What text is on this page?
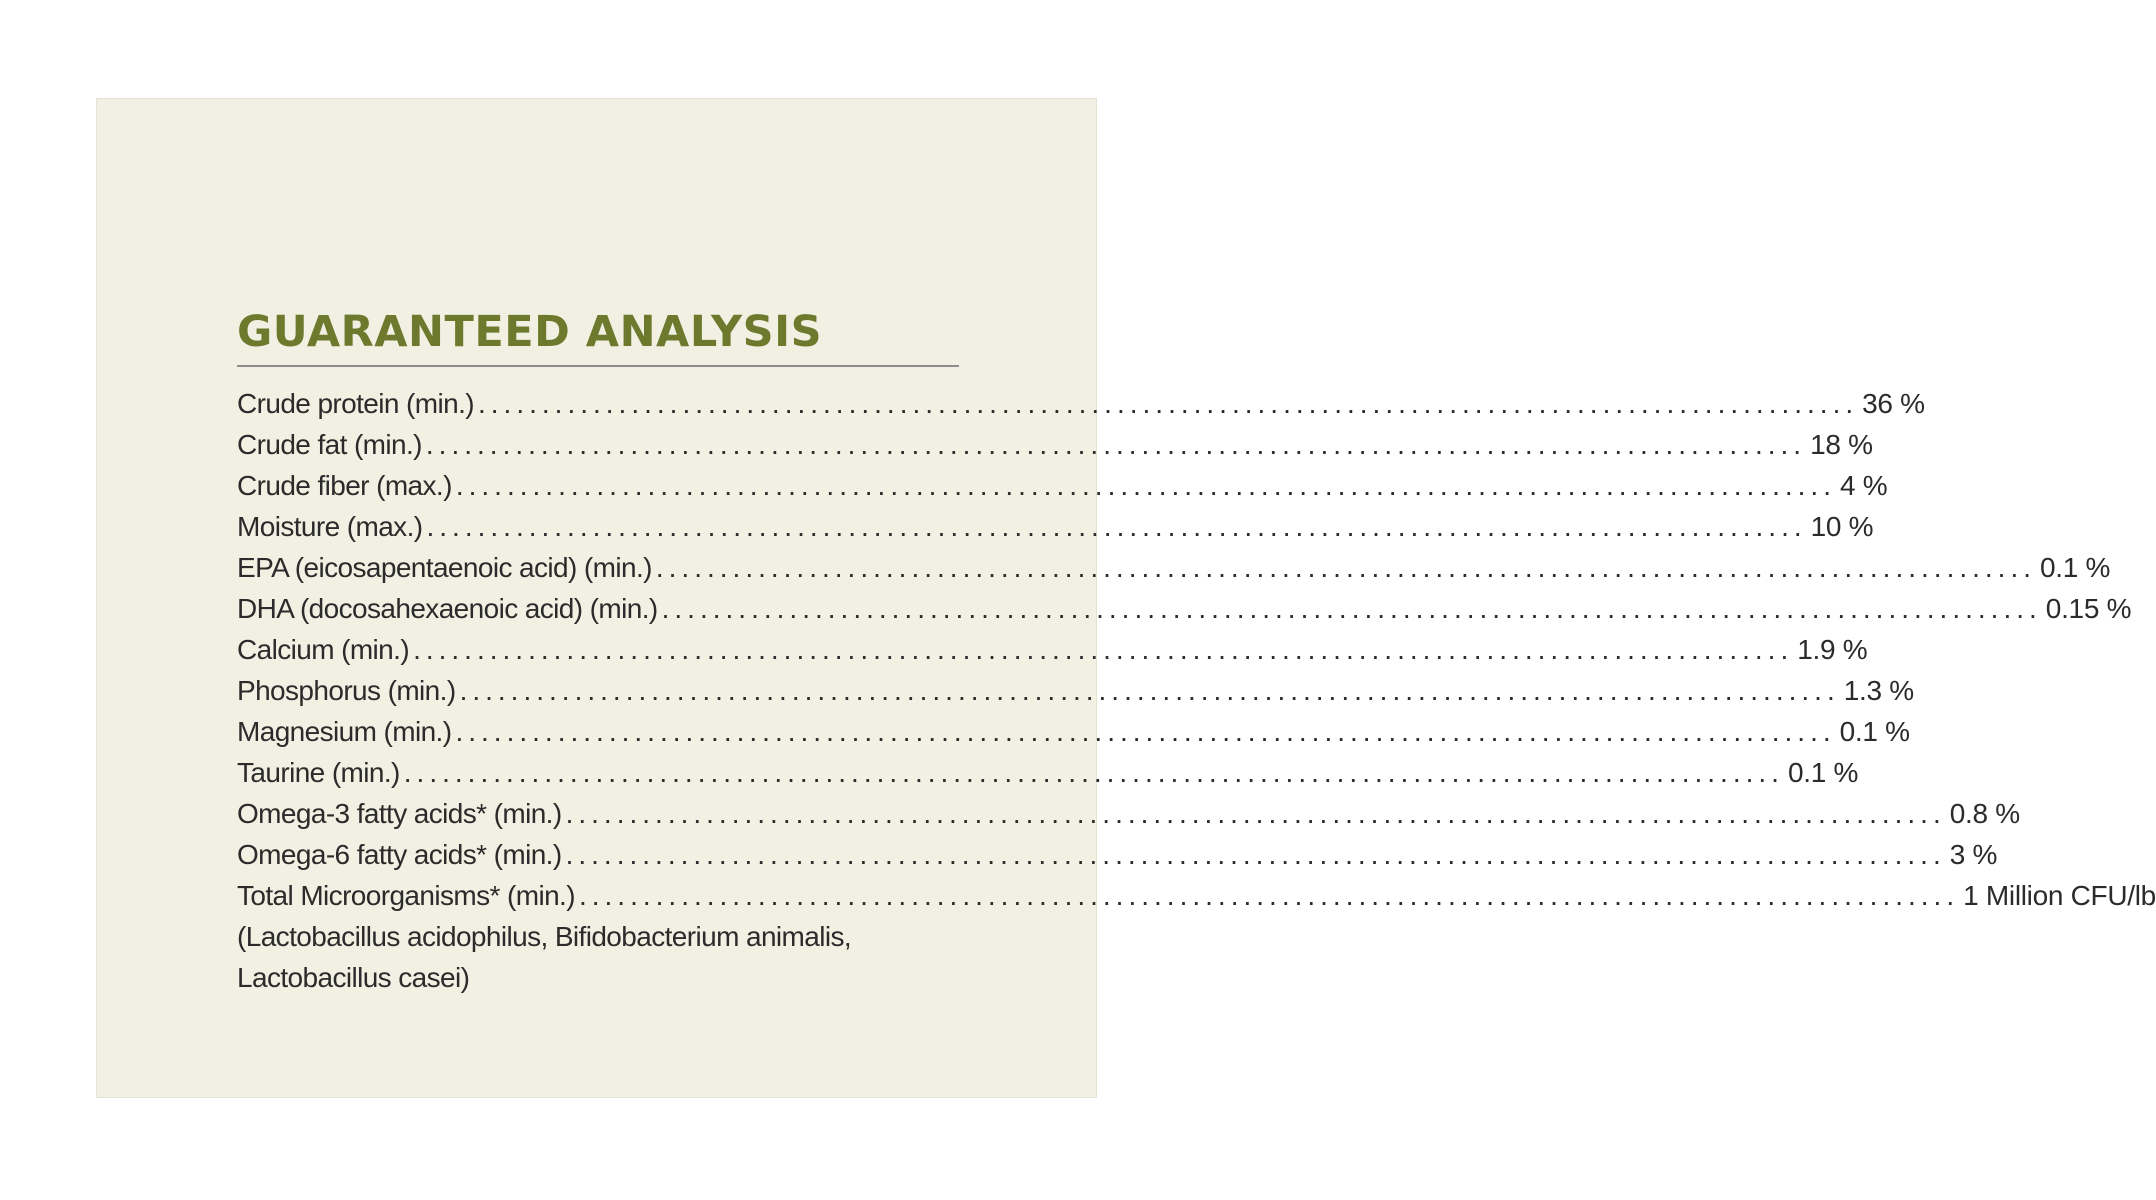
GUARANTEED ANALYSIS
Crude protein (min.) ............................................................................................................ 36 %
Crude fat (min.) ............................................................................................................ 18 %
Crude fiber (max.) ............................................................................................................ 4 %
Moisture (max.) ............................................................................................................ 10 %
EPA (eicosapentaenoic acid) (min.) ............................................................................................................ 0.1 %
DHA (docosahexaenoic acid) (min.) ............................................................................................................ 0.15 %
Calcium (min.) ............................................................................................................ 1.9 %
Phosphorus (min.) ............................................................................................................ 1.3 %
Magnesium (min.) ............................................................................................................ 0.1 %
Taurine (min.) ............................................................................................................ 0.1 %
Omega-3 fatty acids* (min.) ............................................................................................................ 0.8 %
Omega-6 fatty acids* (min.) ............................................................................................................ 3 %
Total Microorganisms* (min.) ............................................................................................................ 1 Million CFU/lb
(Lactobacillus acidophilus, Bifidobacterium animalis,
Lactobacillus casei)
